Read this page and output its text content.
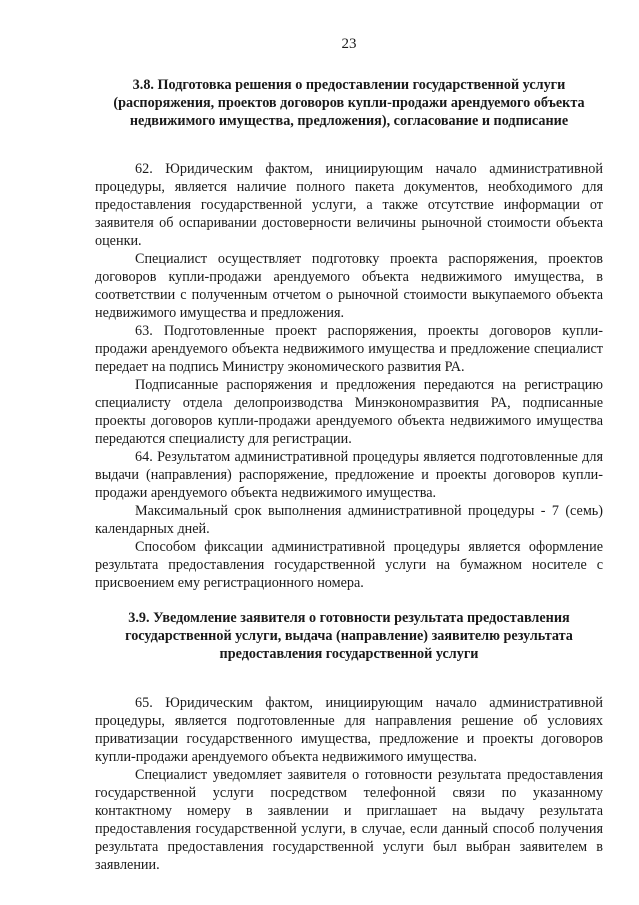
23

3.8. Подготовка решения о предоставлении государственной услуги (распоряжения, проектов договоров купли-продажи арендуемого объекта недвижимого имущества, предложения), согласование и подписание

62. Юридическим фактом, инициирующим начало административной процедуры, является наличие полного пакета документов, необходимого для предоставления государственной услуги, а также отсутствие информации от заявителя об оспаривании достоверности величины рыночной стоимости объекта оценки.

Специалист осуществляет подготовку проекта распоряжения, проектов договоров купли-продажи арендуемого объекта недвижимого имущества, в соответствии с полученным отчетом о рыночной стоимости выкупаемого объекта недвижимого имущества и предложения.

63. Подготовленные проект распоряжения, проекты договоров купли-продажи арендуемого объекта недвижимого имущества и предложение специалист передает на подпись Министру экономического развития РА.

Подписанные распоряжения и предложения передаются на регистрацию специалисту отдела делопроизводства Минэкономразвития РА, подписанные проекты договоров купли-продажи арендуемого объекта недвижимого имущества передаются специалисту для регистрации.

64. Результатом административной процедуры является подготовленные для выдачи (направления) распоряжение, предложение и проекты договоров купли-продажи арендуемого объекта недвижимого имущества.

Максимальный срок выполнения административной процедуры - 7 (семь) календарных дней.

Способом фиксации административной процедуры является оформление результата предоставления государственной услуги на бумажном носителе с присвоением ему регистрационного номера.

3.9. Уведомление заявителя о готовности результата предоставления государственной услуги, выдача (направление) заявителю результата предоставления государственной услуги

65. Юридическим фактом, инициирующим начало административной процедуры, является подготовленные для направления решение об условиях приватизации государственного имущества, предложение и проекты договоров купли-продажи арендуемого объекта недвижимого имущества.

Специалист уведомляет заявителя о готовности результата предоставления государственной услуги посредством телефонной связи по указанному контактному номеру в заявлении и приглашает на выдачу результата предоставления государственной услуги, в случае, если данный способ получения результата предоставления государственной услуги был выбран заявителем в заявлении.
